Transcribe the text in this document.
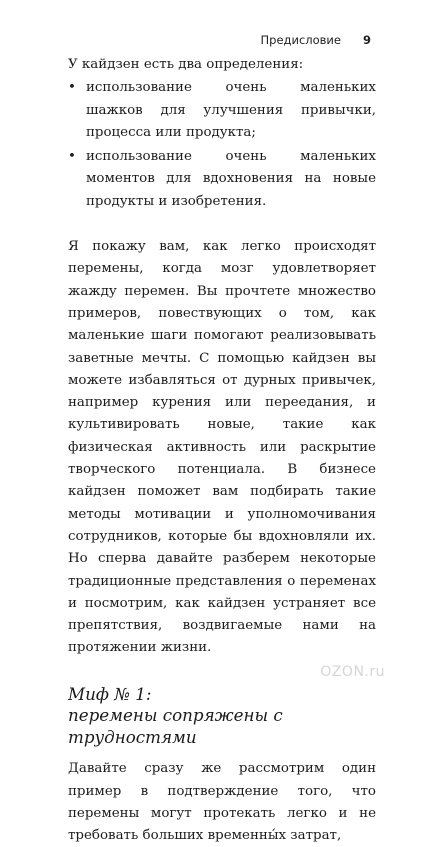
Предисловие 9

У кайдзен есть два определения:

• использование очень маленьких шажков для улучшения привычки, процесса или продукта;
• использование очень маленьких моментов для вдохновения на новые продукты и изобретения.

Я покажу вам, как легко происходят перемены, когда мозг удовлетворяет жажду перемен. Вы прочтете множество примеров, повествующих о том, как маленькие шаги помогают реализовывать заветные мечты. С помощью кайдзен вы можете избавляться от дурных привычек, например курения или переедания, и культивировать новые, такие как физическая активность или раскрытие творческого потенциала. В бизнесе кайдзен поможет вам подбирать такие методы мотивации и уполномочивания сотрудников, которые бы вдохновляли их. Но сперва давайте разберем некоторые традиционные представления о переменах и посмотрим, как кайдзен устраняет все препятствия, воздвигаемые нами на протяжении жизни.

Миф № 1:
перемены сопряжены с трудностями

Давайте сразу же рассмотрим один пример в подтверждение того, что перемены могут протекать легко и не требовать больших временны́х затрат,

OZON.ru
